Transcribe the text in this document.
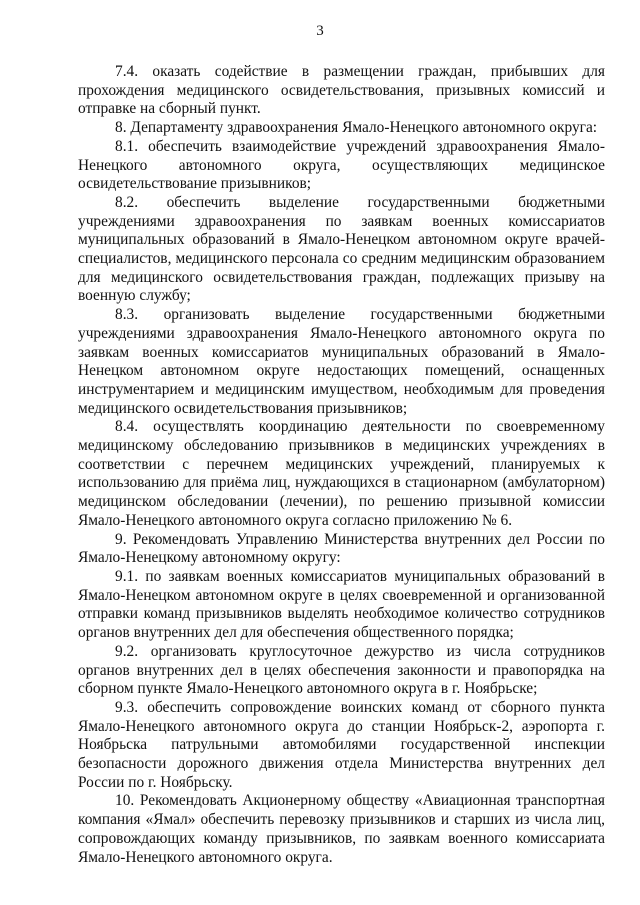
3

7.4. оказать содействие в размещении граждан, прибывших для прохождения медицинского освидетельствования, призывных комиссий и отправке на сборный пункт.

8. Департаменту здравоохранения Ямало-Ненецкого автономного округа:

8.1. обеспечить взаимодействие учреждений здравоохранения Ямало-Ненецкого автономного округа, осуществляющих медицинское освидетельствование призывников;

8.2. обеспечить выделение государственными бюджетными учреждениями здравоохранения по заявкам военных комиссариатов муниципальных образований в Ямало-Ненецком автономном округе врачей-специалистов, медицинского персонала со средним медицинским образованием для медицинского освидетельствования граждан, подлежащих призыву на военную службу;

8.3. организовать выделение государственными бюджетными учреждениями здравоохранения Ямало-Ненецкого автономного округа по заявкам военных комиссариатов муниципальных образований в Ямало-Ненецком автономном округе недостающих помещений, оснащенных инструментарием и медицинским имуществом, необходимым для проведения медицинского освидетельствования призывников;

8.4. осуществлять координацию деятельности по своевременному медицинскому обследованию призывников в медицинских учреждениях в соответствии с перечнем медицинских учреждений, планируемых к использованию для приёма лиц, нуждающихся в стационарном (амбулаторном) медицинском обследовании (лечении), по решению призывной комиссии Ямало-Ненецкого автономного округа согласно приложению № 6.

9. Рекомендовать Управлению Министерства внутренних дел России по Ямало-Ненецкому автономному округу:

9.1. по заявкам военных комиссариатов муниципальных образований в Ямало-Ненецком автономном округе в целях своевременной и организованной отправки команд призывников выделять необходимое количество сотрудников органов внутренних дел для обеспечения общественного порядка;

9.2. организовать круглосуточное дежурство из числа сотрудников органов внутренних дел в целях обеспечения законности и правопорядка на сборном пункте Ямало-Ненецкого автономного округа в г. Ноябрьске;

9.3. обеспечить сопровождение воинских команд от сборного пункта Ямало-Ненецкого автономного округа до станции Ноябрьск-2, аэропорта г. Ноябрьска патрульными автомобилями государственной инспекции безопасности дорожного движения отдела Министерства внутренних дел России по г. Ноябрьску.

10. Рекомендовать Акционерному обществу «Авиационная транспортная компания «Ямал» обеспечить перевозку призывников и старших из числа лиц, сопровождающих команду призывников, по заявкам военного комиссариата Ямало-Ненецкого автономного округа.
